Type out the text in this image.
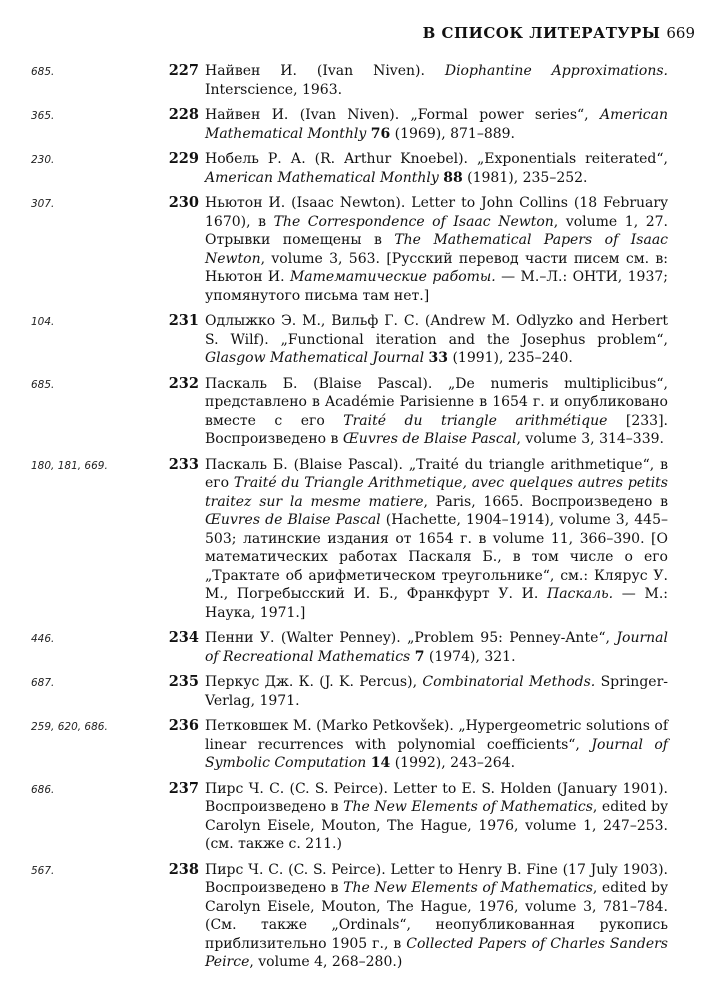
В СПИСОК ЛИТЕРАТУРЫ 669
685.	227 Найвен И. (Ivan Niven). Diophantine Approximations. Interscience, 1963.
365.	228 Найвен И. (Ivan Niven). „Formal power series“, American Mathematical Monthly 76 (1969), 871–889.
230.	229 Нобель Р. А. (R. Arthur Knoebel). „Exponentials reiterated“, American Mathematical Monthly 88 (1981), 235–252.
307.	230 Ньютон И. (Isaac Newton). Letter to John Collins (18 February 1670), в The Correspondence of Isaac Newton, volume 1, 27. Отрывки помещены в The Mathematical Papers of Isaac Newton, volume 3, 563. [Русский перевод части писем см. в: Ньютон И. Математические работы. — М.–Л.: ОНТИ, 1937; упомянутого письма там нет.]
104.	231 Одлыжко Э. М., Вильф Г. С. (Andrew M. Odlyzko and Herbert S. Wilf). „Functional iteration and the Josephus problem“, Glasgow Mathematical Journal 33 (1991), 235–240.
685.	232 Паскаль Б. (Blaise Pascal). „De numeris multiplicibus“, представлено в Académie Parisienne в 1654 г. и опубликовано вместе с его Traité du triangle arithmétique [233]. Воспроизведено в Œuvres de Blaise Pascal, volume 3, 314–339.
180, 181, 669.	233 Паскаль Б. (Blaise Pascal). „Traité du triangle arithmetique“, в его Traité du Triangle Arithmetique, avec quelques autres petits traitez sur la mesme matiere, Paris, 1665. Воспроизведено в Œuvres de Blaise Pascal (Hachette, 1904–1914), volume 3, 445–503; латинские издания от 1654 г. в volume 11, 366–390. [О математических работах Паскаля Б., в том числе о его „Трактате об арифметическом треугольнике“, см.: Клярус У. М., Погребысский И. Б., Франкфурт У. И. Паскаль. — М.: Наука, 1971.]
446.	234 Пенни У. (Walter Penney). „Problem 95: Penney-Ante“, Journal of Recreational Mathematics 7 (1974), 321.
687.	235 Перкус Дж. К. (J. K. Percus), Combinatorial Methods. Springer-Verlag, 1971.
259, 620, 686.	236 Петковшек М. (Marko Petkovšek). „Hypergeometric solutions of linear recurrences with polynomial coefficients“, Journal of Symbolic Computation 14 (1992), 243–264.
686.	237 Пирс Ч. С. (C. S. Peirce). Letter to E. S. Holden (January 1901). Воспроизведено в The New Elements of Mathematics, edited by Carolyn Eisele, Mouton, The Hague, 1976, volume 1, 247–253. (см. также с. 211.)
567.	238 Пирс Ч. С. (C. S. Peirce). Letter to Henry B. Fine (17 July 1903). Воспроизведено в The New Elements of Mathematics, edited by Carolyn Eisele, Mouton, The Hague, 1976, volume 3, 781–784. (См. также „Ordinals“, неопубликованная рукопись приблизительно 1905 г., в Collected Papers of Charles Sanders Peirce, volume 4, 268–280.)
